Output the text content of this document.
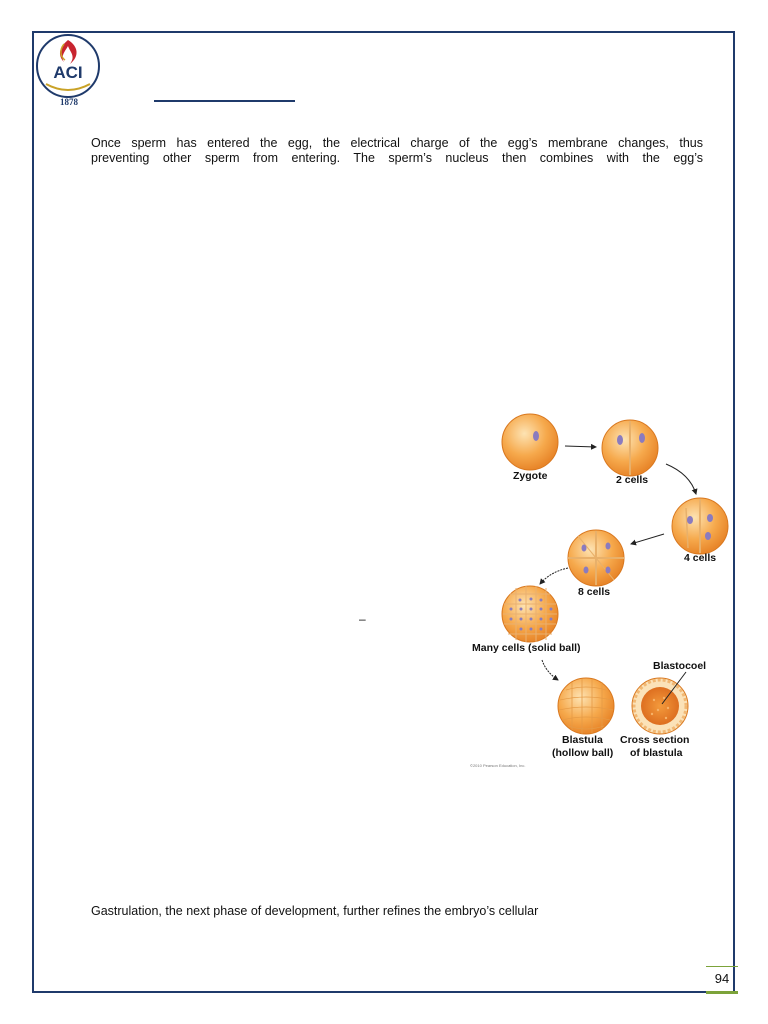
ACI
1878
Once sperm has entered the egg, the electrical charge of the egg’s membrane changes, thus
preventing other sperm from entering. The sperm’s nucleus then combines with the egg’s
–
Zygote	2 cells
4 cells
8 cells
Many cells (solid ball)
Blastocoel
Blastula
(hollow ball)
Cross section
of blastula
©2010 Pearson Education, Inc.
Gastrulation, the next phase of development, further refines the embryo’s cellular
94
